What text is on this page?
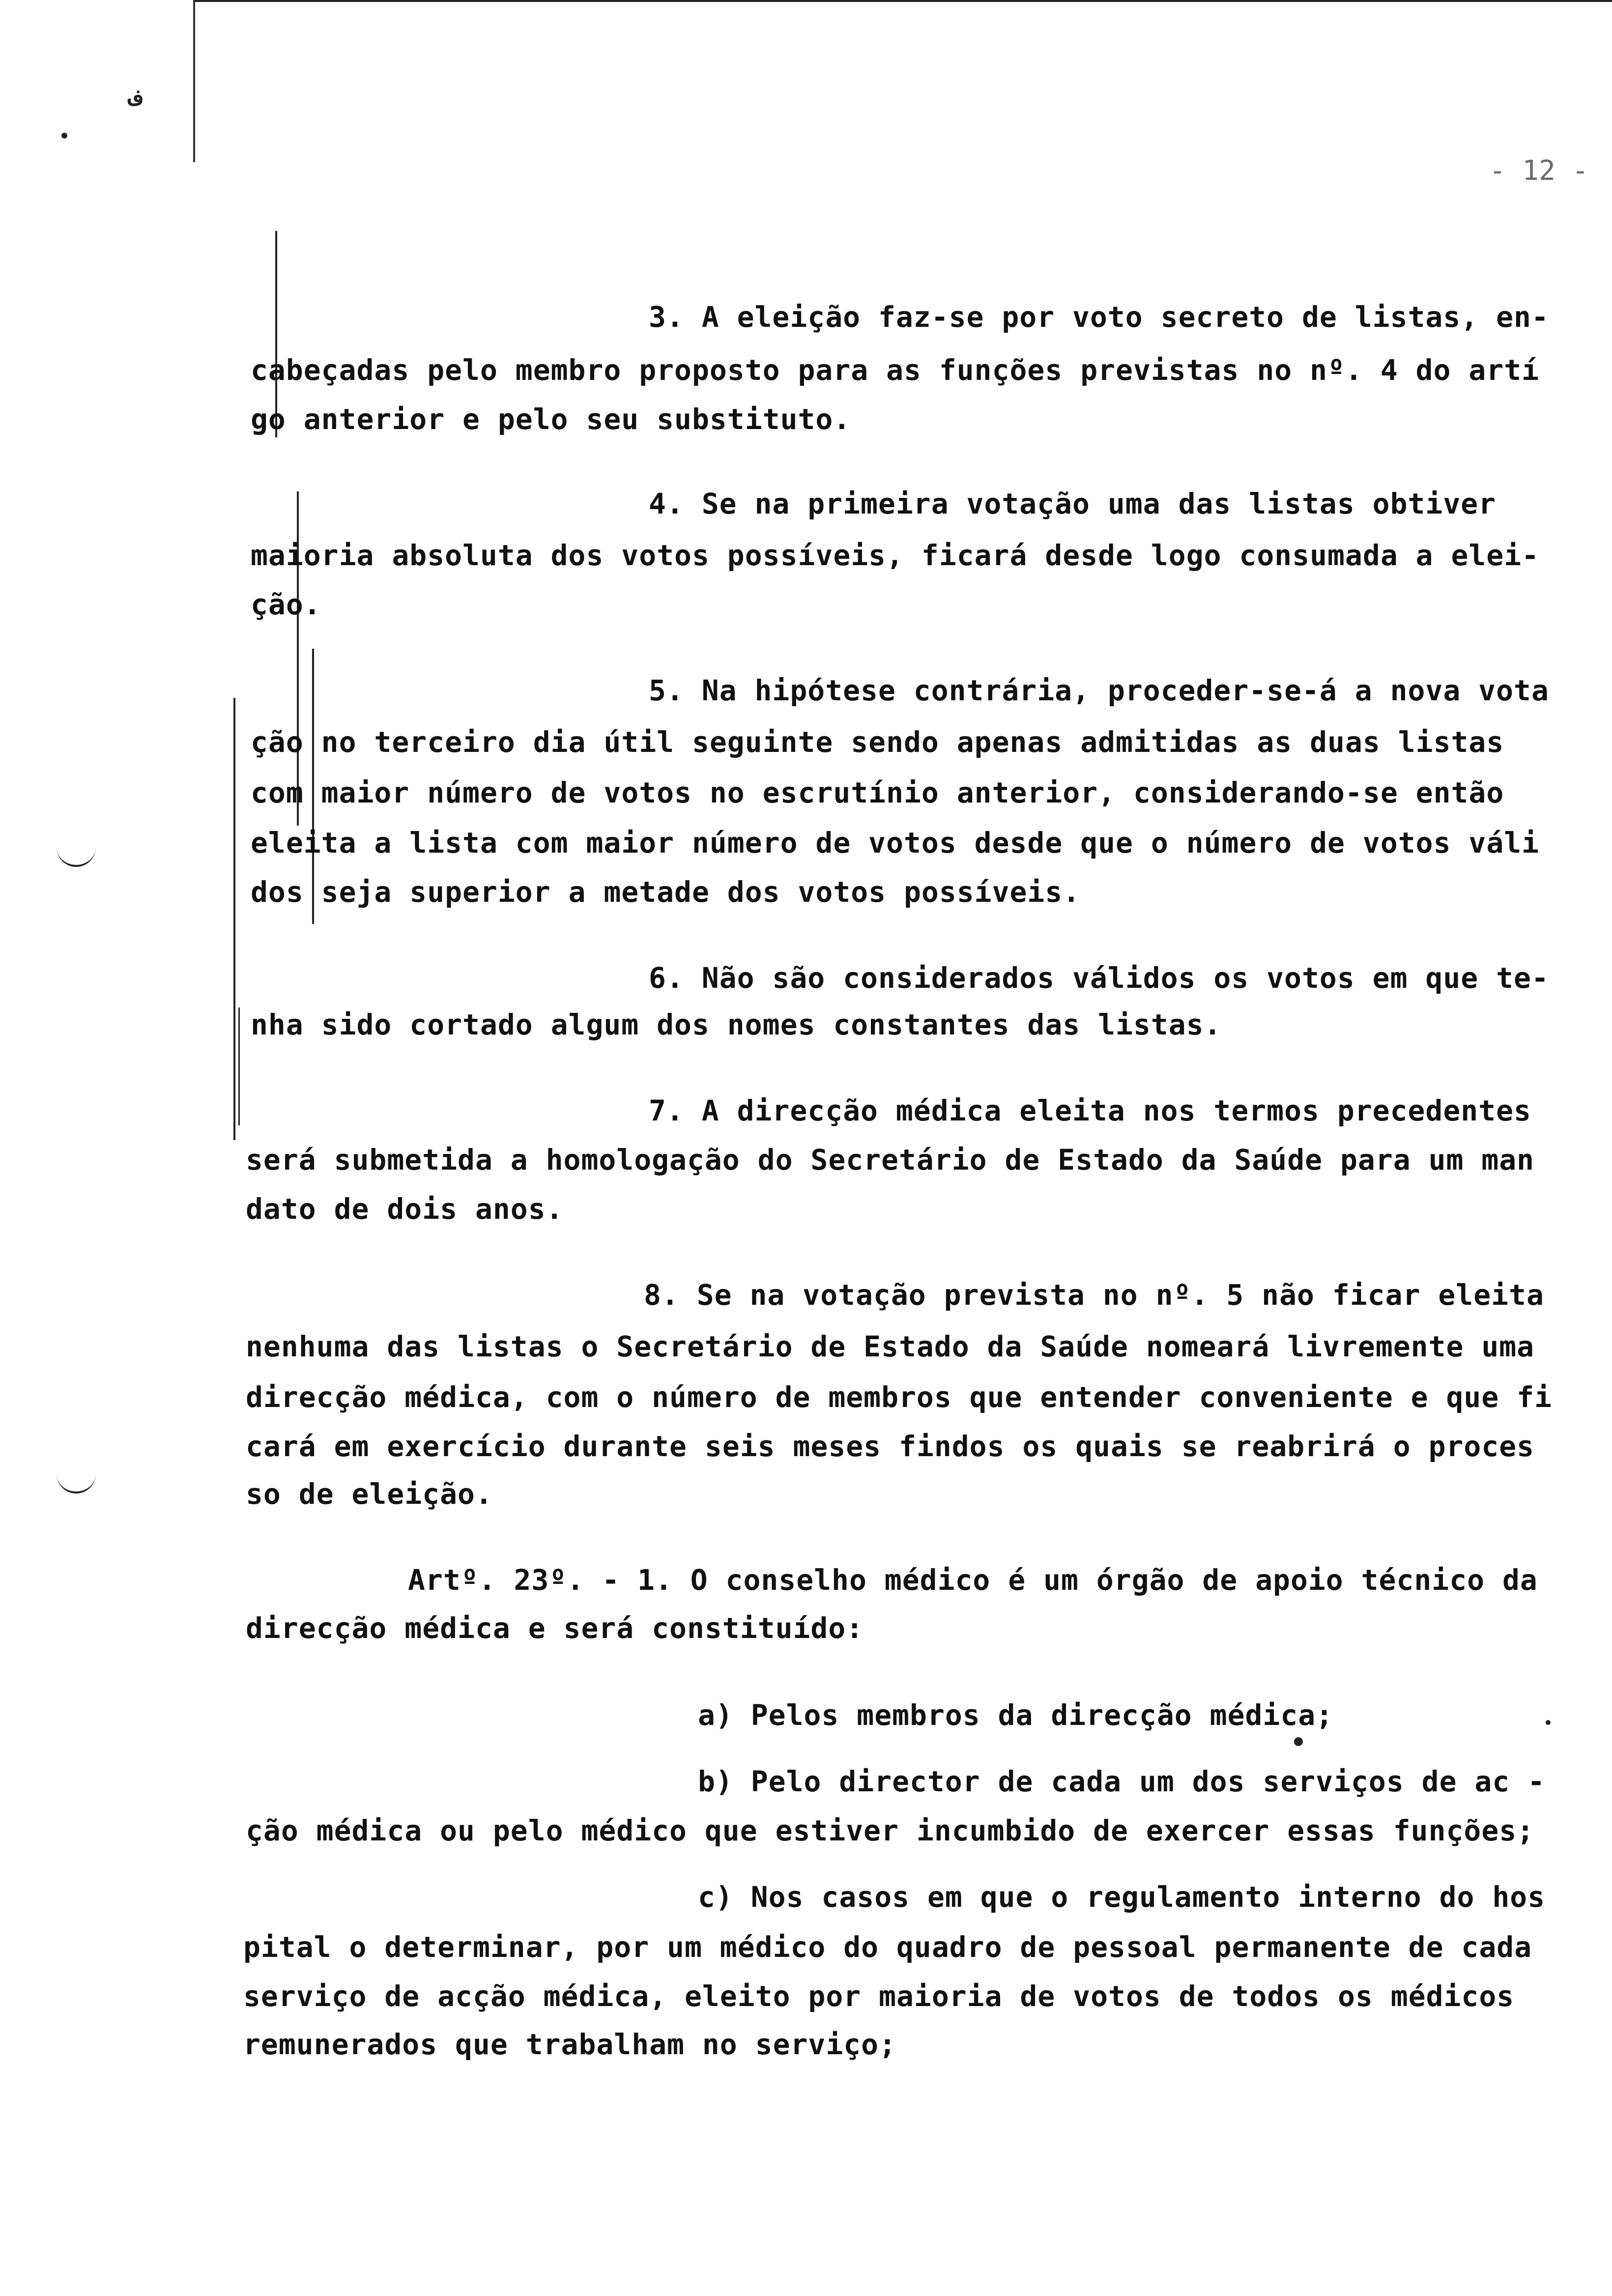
ف
- 12 -
3. A eleição faz-se por voto secreto de listas, en-
cabeçadas pelo membro proposto para as funções previstas no nº. 4 do artí
go anterior e pelo seu substituto.
4. Se na primeira votação uma das listas obtiver
maioria absoluta dos votos possíveis, ficará desde logo consumada a elei-
ção.
5. Na hipótese contrária, proceder-se-á a nova vota
ção no terceiro dia útil seguinte sendo apenas admitidas as duas listas
com maior número de votos no escrutínio anterior, considerando-se então
eleita a lista com maior número de votos desde que o número de votos váli
dos seja superior a metade dos votos possíveis.
6. Não são considerados válidos os votos em que te-
nha sido cortado algum dos nomes constantes das listas.
7. A direcção médica eleita nos termos precedentes
será submetida a homologação do Secretário de Estado da Saúde para um man
dato de dois anos.
8. Se na votação prevista no nº. 5 não ficar eleita
nenhuma das listas o Secretário de Estado da Saúde nomeará livremente uma
direcção médica, com o número de membros que entender conveniente e que fi
cará em exercício durante seis meses findos os quais se reabrirá o proces
so de eleição.
Artº. 23º. - 1. O conselho médico é um órgão de apoio técnico da
direcção médica e será constituído:
a) Pelos membros da direcção médica;
b) Pelo director de cada um dos serviços de ac -
ção médica ou pelo médico que estiver incumbido de exercer essas funções;
c) Nos casos em que o regulamento interno do hos
pital o determinar, por um médico do quadro de pessoal permanente de cada
serviço de acção médica, eleito por maioria de votos de todos os médicos
remunerados que trabalham no serviço;
